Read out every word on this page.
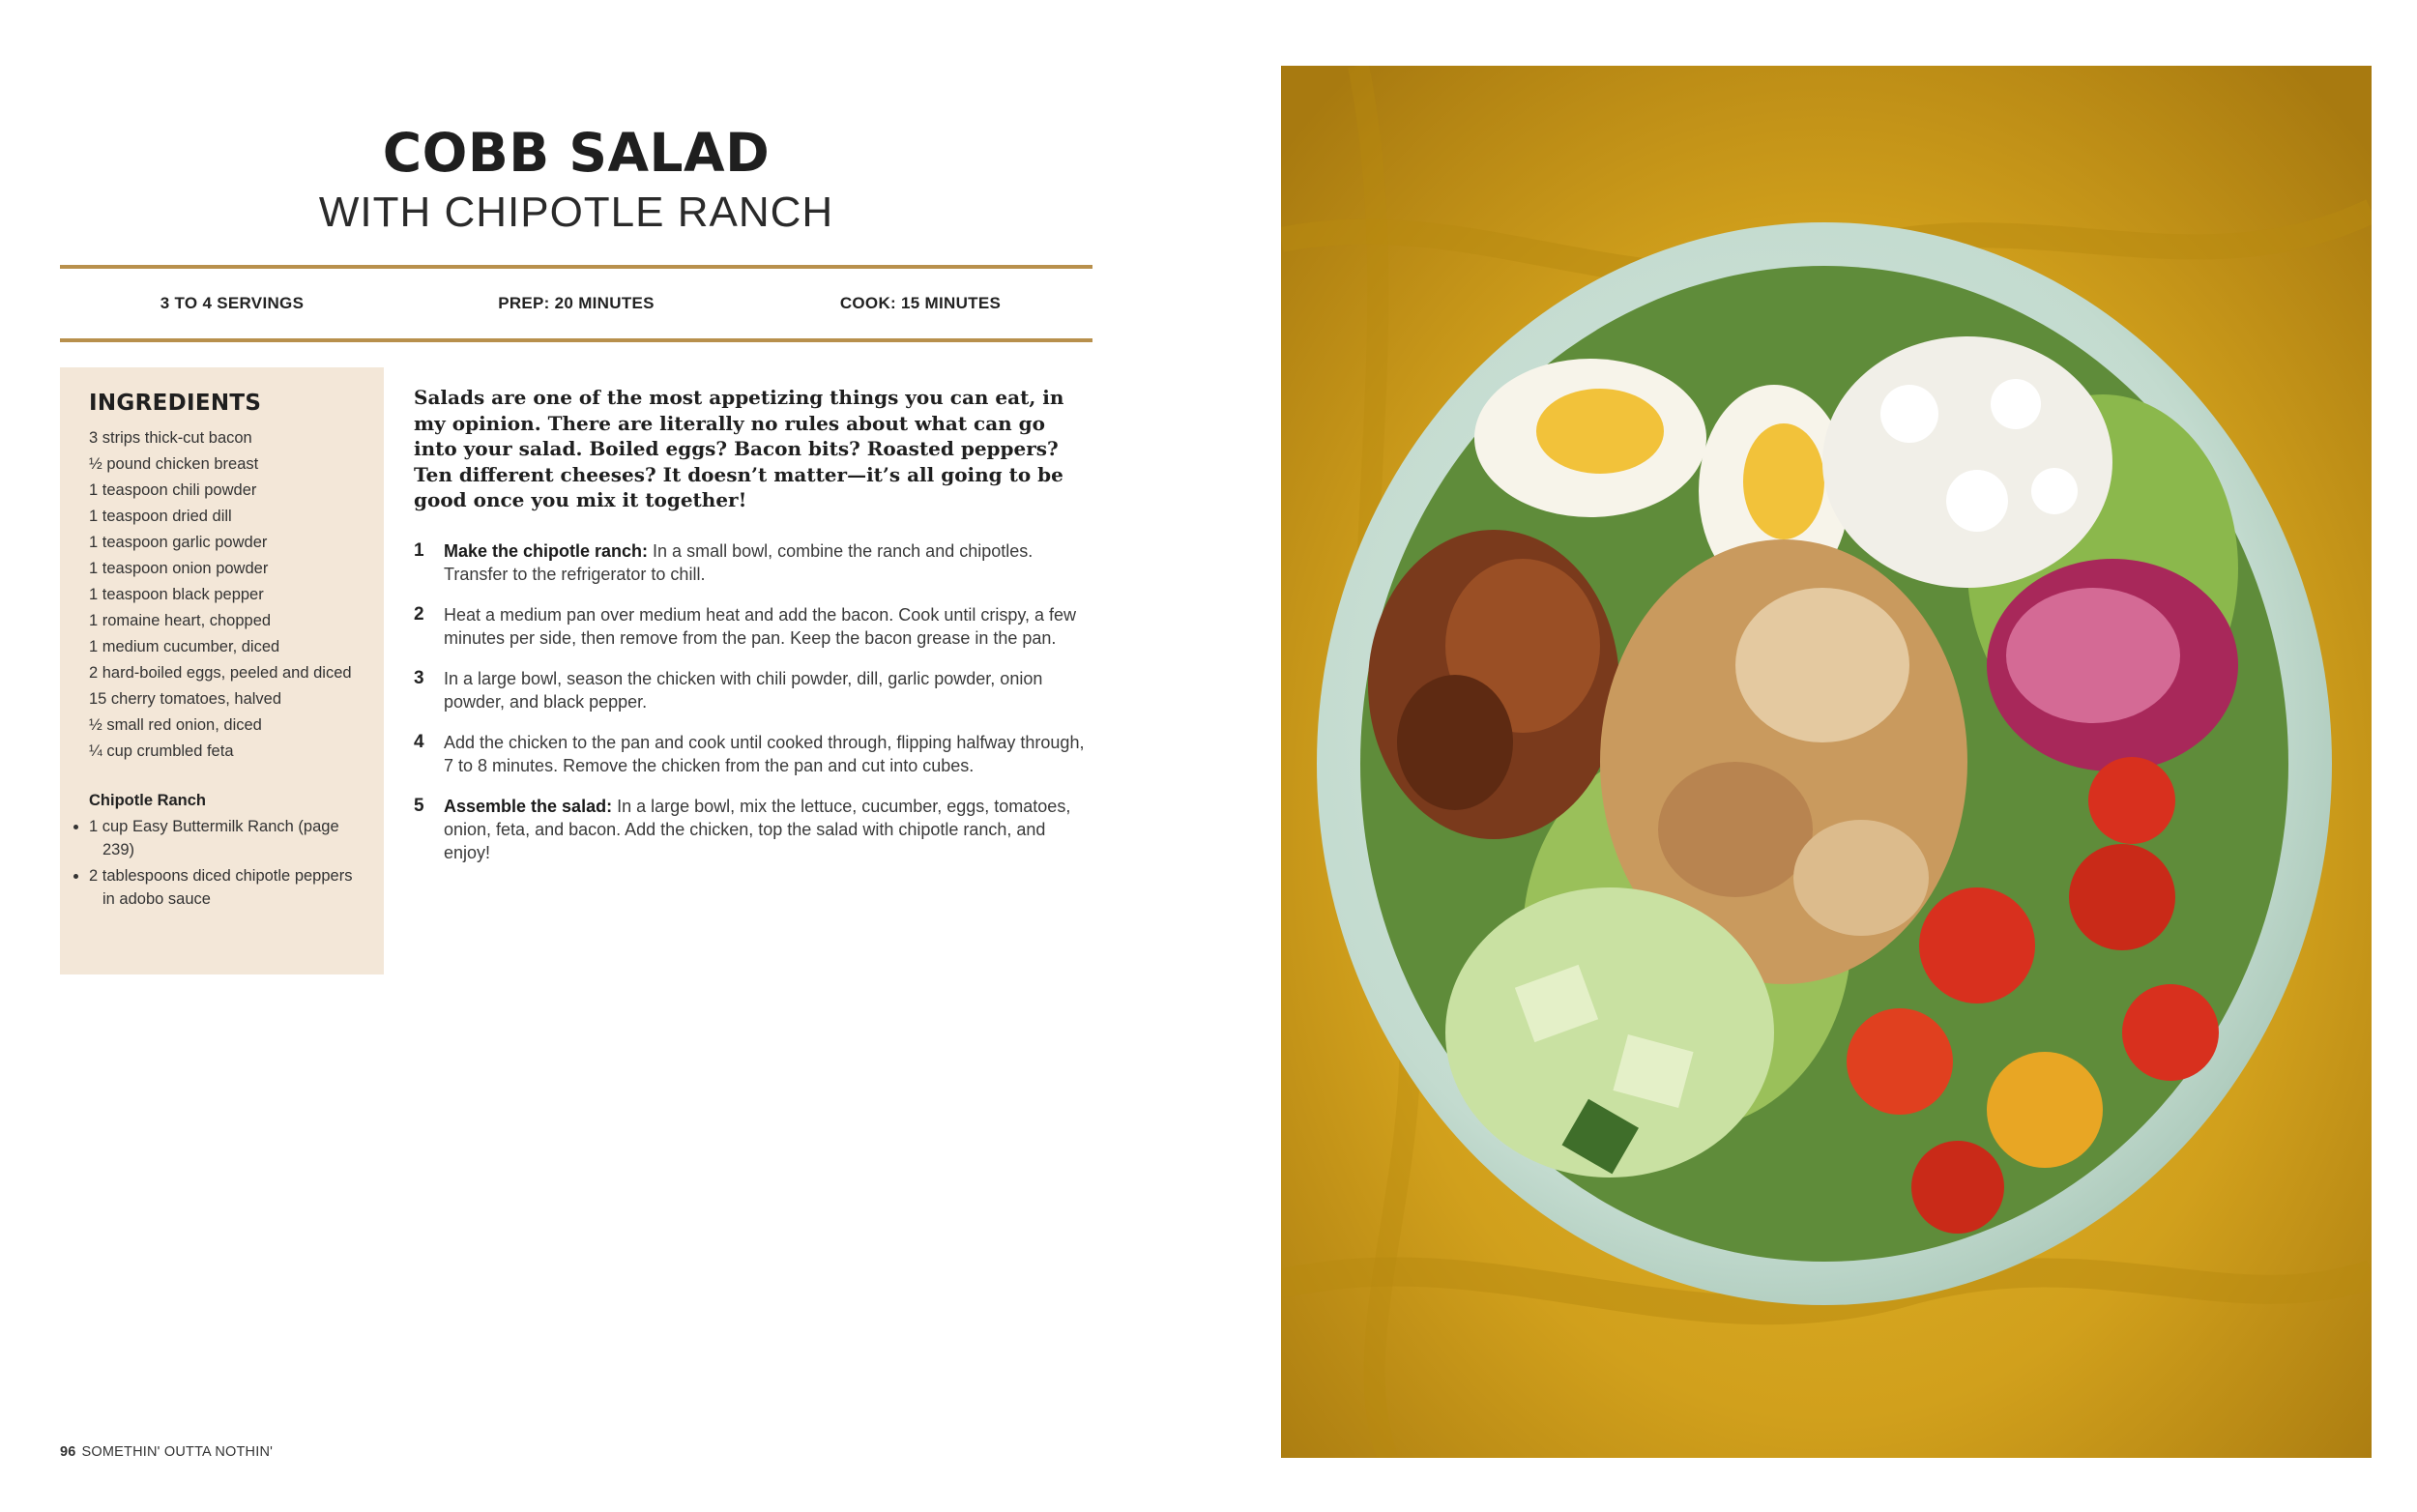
COBB SALAD
WITH CHIPOTLE RANCH
3 TO 4 SERVINGS	PREP: 20 MINUTES	COOK: 15 MINUTES
INGREDIENTS
3 strips thick-cut bacon
½ pound chicken breast
1 teaspoon chili powder
1 teaspoon dried dill
1 teaspoon garlic powder
1 teaspoon onion powder
1 teaspoon black pepper
1 romaine heart, chopped
1 medium cucumber, diced
2 hard-boiled eggs, peeled and diced
15 cherry tomatoes, halved
½ small red onion, diced
¼ cup crumbled feta
Chipotle Ranch
• 1 cup Easy Buttermilk Ranch (page 239)
• 2 tablespoons diced chipotle peppers in adobo sauce

Salads are one of the most appetizing things you can eat, in my opinion. There are literally no rules about what can go into your salad. Boiled eggs? Bacon bits? Roasted peppers? Ten different cheeses? It doesn’t matter—it’s all going to be good once you mix it together!

1	Make the chipotle ranch: In a small bowl, combine the ranch and chipotles. Transfer to the refrigerator to chill.
2	Heat a medium pan over medium heat and add the bacon. Cook until crispy, a few minutes per side, then remove from the pan. Keep the bacon grease in the pan.
3	In a large bowl, season the chicken with chili powder, dill, garlic powder, onion powder, and black pepper.
4	Add the chicken to the pan and cook until cooked through, flipping halfway through, 7 to 8 minutes. Remove the chicken from the pan and cut into cubes.
5	Assemble the salad: In a large bowl, mix the lettuce, cucumber, eggs, tomatoes, onion, feta, and bacon. Add the chicken, top the salad with chipotle ranch, and enjoy!
96 SOMETHIN' OUTTA NOTHIN'
